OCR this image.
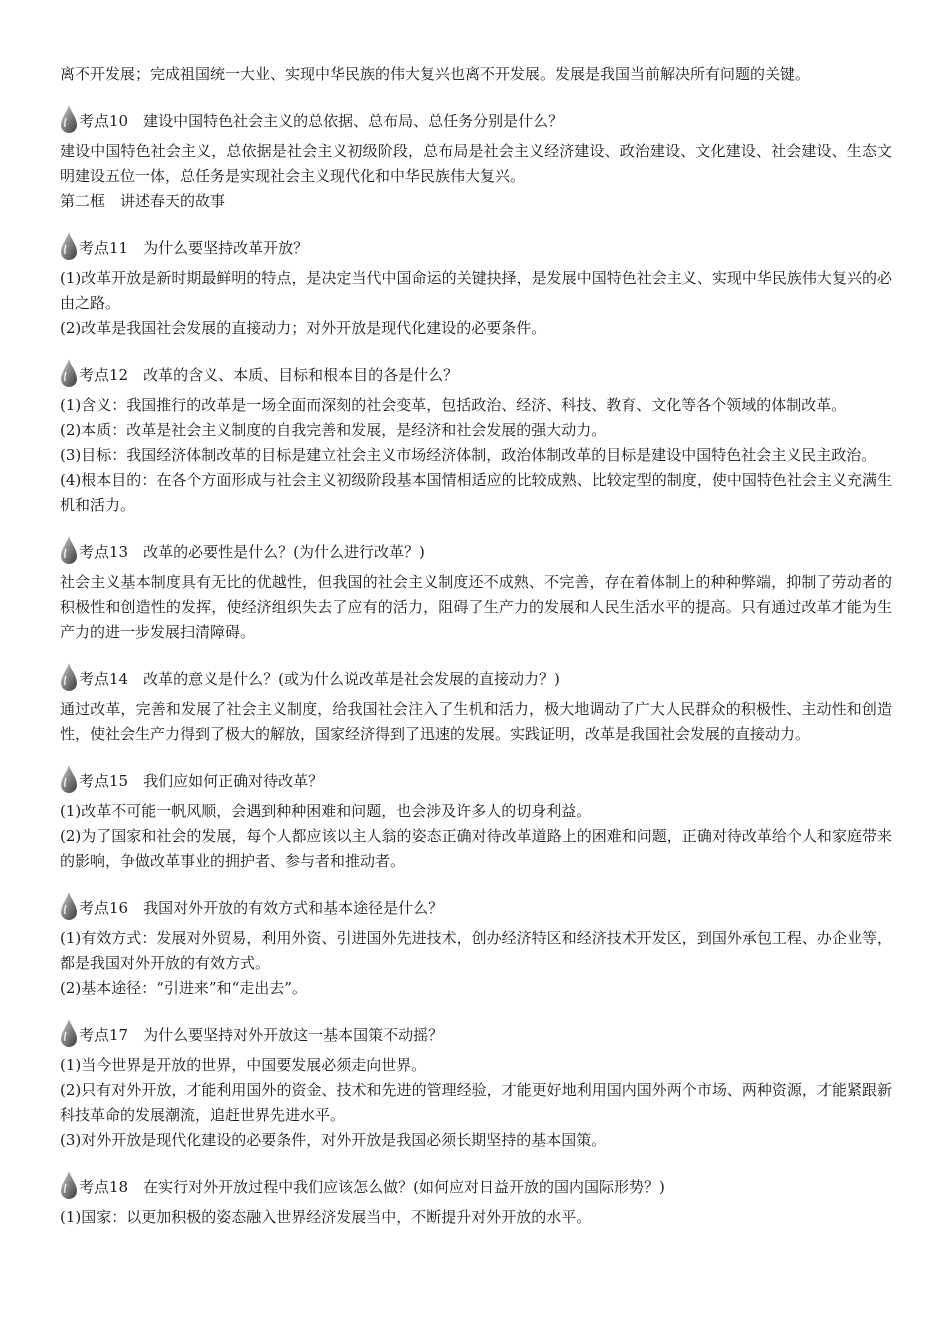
离不开发展；完成祖国统一大业、实现中华民族的伟大复兴也离不开发展。发展是我国当前解决所有问题的关键。

考点10　建设中国特色社会主义的总依据、总布局、总任务分别是什么？

建设中国特色社会主义，总依据是社会主义初级阶段，总布局是社会主义经济建设、政治建设、文化建设、社会建设、生态文明建设五位一体，总任务是实现社会主义现代化和中华民族伟大复兴。

第二框　讲述春天的故事

考点11　为什么要坚持改革开放？

(1)改革开放是新时期最鲜明的特点，是决定当代中国命运的关键抉择，是发展中国特色社会主义、实现中华民族伟大复兴的必由之路。

(2)改革是我国社会发展的直接动力；对外开放是现代化建设的必要条件。

考点12　改革的含义、本质、目标和根本目的各是什么？

(1)含义：我国推行的改革是一场全面而深刻的社会变革，包括政治、经济、科技、教育、文化等各个领域的体制改革。

(2)本质：改革是社会主义制度的自我完善和发展，是经济和社会发展的强大动力。

(3)目标：我国经济体制改革的目标是建立社会主义市场经济体制，政治体制改革的目标是建设中国特色社会主义民主政治。

(4)根本目的：在各个方面形成与社会主义初级阶段基本国情相适应的比较成熟、比较定型的制度，使中国特色社会主义充满生机和活力。

考点13　改革的必要性是什么？(为什么进行改革？)

社会主义基本制度具有无比的优越性，但我国的社会主义制度还不成熟、不完善，存在着体制上的种种弊端，抑制了劳动者的积极性和创造性的发挥，使经济组织失去了应有的活力，阻碍了生产力的发展和人民生活水平的提高。只有通过改革才能为生产力的进一步发展扫清障碍。

考点14　改革的意义是什么？(或为什么说改革是社会发展的直接动力？)

通过改革，完善和发展了社会主义制度，给我国社会注入了生机和活力，极大地调动了广大人民群众的积极性、主动性和创造性，使社会生产力得到了极大的解放，国家经济得到了迅速的发展。实践证明，改革是我国社会发展的直接动力。

考点15　我们应如何正确对待改革？

(1)改革不可能一帆风顺，会遇到种种困难和问题，也会涉及许多人的切身利益。

(2)为了国家和社会的发展，每个人都应该以主人翁的姿态正确对待改革道路上的困难和问题，正确对待改革给个人和家庭带来的影响，争做改革事业的拥护者、参与者和推动者。

考点16　我国对外开放的有效方式和基本途径是什么？

(1)有效方式：发展对外贸易，利用外资、引进国外先进技术，创办经济特区和经济技术开发区，到国外承包工程、办企业等，都是我国对外开放的有效方式。

(2)基本途径：“引进来”和“走出去”。

考点17　为什么要坚持对外开放这一基本国策不动摇？

(1)当今世界是开放的世界，中国要发展必须走向世界。

(2)只有对外开放，才能利用国外的资金、技术和先进的管理经验，才能更好地利用国内国外两个市场、两种资源，才能紧跟新科技革命的发展潮流，追赶世界先进水平。

(3)对外开放是现代化建设的必要条件，对外开放是我国必须长期坚持的基本国策。

考点18　在实行对外开放过程中我们应该怎么做？(如何应对日益开放的国内国际形势？)

(1)国家：以更加积极的姿态融入世界经济发展当中，不断提升对外开放的水平。
